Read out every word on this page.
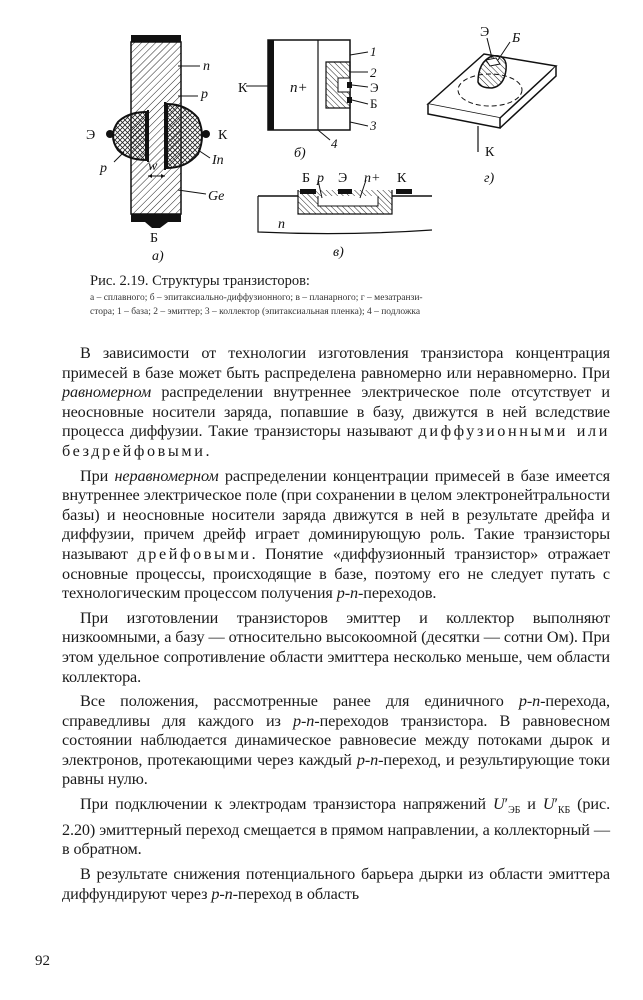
n
p
Э	К
p	w	In
Ge
Б
а)
К	n+
1
2
Э
Б
3
4
б)
Б p Э n+ К
n
в)
Э Б
К
г)
Рис. 2.19. Структуры транзисторов:
а – сплавного; б – эпитаксиально-диффузионного; в – планарного; г – мезатранзи-
стора; 1 – база; 2 – эмиттер; 3 – коллектор (эпитаксиальная пленка); 4 – подложка

В зависимости от технологии изготовления транзистора концентрация примесей в базе может быть распределена равномерно или неравномерно. При равномерном распределении внутреннее электрическое поле отсутствует и неосновные носители заряда, попавшие в базу, движутся в ней вследствие процесса диффузии. Такие транзисторы называют диффузионными или бездрейфовыми.

При неравномерном распределении концентрации примесей в базе имеется внутреннее электрическое поле (при сохранении в целом электронейтральности базы) и неосновные носители заряда движутся в ней в результате дрейфа и диффузии, причем дрейф играет доминирующую роль. Такие транзисторы называют дрейфовыми. Понятие «диффузионный транзистор» отражает основные процессы, происходящие в базе, поэтому его не следует путать с технологическим процессом получения p-n-переходов.

При изготовлении транзисторов эмиттер и коллектор выполняют низкоомными, а базу — относительно высокоомной (десятки — сотни Ом). При этом удельное сопротивление области эмиттера несколько меньше, чем области коллектора.

Все положения, рассмотренные ранее для единичного p-n-перехода, справедливы для каждого из p-n-переходов транзистора. В равновесном состоянии наблюдается динамическое равновесие между потоками дырок и электронов, протекающими через каждый p-n-переход, и результирующие токи равны нулю.

При подключении к электродам транзистора напряжений $U'_{ЭБ}$ и $U'_{КБ}$ (рис. 2.20) эмиттерный переход смещается в прямом направлении, а коллекторный — в обратном.

В результате снижения потенциального барьера дырки из области эмиттера диффундируют через p-n-переход в область

92
